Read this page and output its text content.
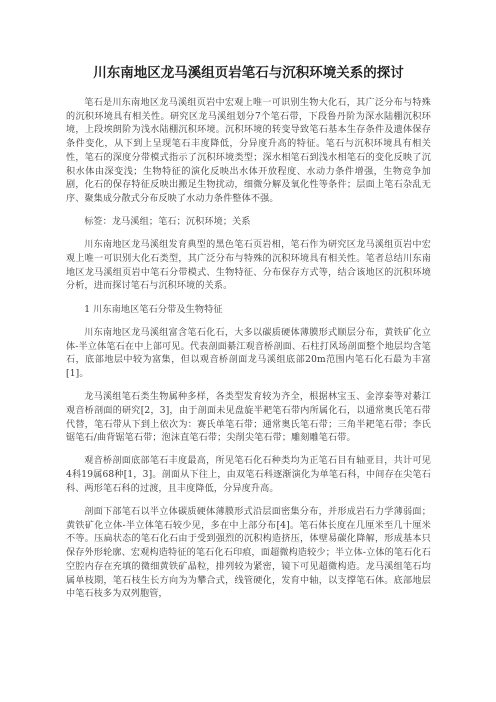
川东南地区龙马溪组页岩笔石与沉积环境关系的探讨

笔石是川东南地区龙马溪组页岩中宏观上唯一可识别生物大化石，其广泛分布与特殊的沉积环境具有相关性。研究区龙马溪组划分7个笔石带，下段鲁丹阶为深水陆棚沉积环境，上段埃朗阶为浅水陆棚沉积环境。沉积环境的转变导致笔石基本生存条件及遗体保存条件变化，从下到上呈现笔石丰度降低，分异度升高的特征。笔石与沉积环境具有相关性，笔石的深度分带模式指示了沉积环境类型；深水相笔石到浅水相笔石的变化反映了沉积水体由深变浅；生物特征的演化反映出水体开放程度、水动力条件增强，生物竞争加剧，化石的保存特征反映出搬足生物扰动，细微分解及氧化性等条件；层面上笔石杂乱无序、聚集成分散式分布反映了水动力条件整体不强。

标签：龙马溪组；笔石；沉积环境；关系

川东南地区龙马溪组发育典型的黑色笔石页岩相，笔石作为研究区龙马溪组页岩中宏观上唯一可识别大化石类型，其广泛分布与特殊的沉积环境具有相关性。笔者总结川东南地区龙马溪组页岩中笔石分带模式、生物特征、分布保存方式等，结合该地区的沉积环境分析，进而探讨笔石与沉积环境的关系。

1 川东南地区笔石分带及生物特征

川东南地区龙马溪组富含笔石化石，大多以碳质硬体薄膜形式顺层分布，黄铁矿化立体-半立体笔石在中上部可见。代表剖面綦江观音桥剖面、石柱打风场剖面整个地层均含笔石，底部地层中较为富集，但以观音桥剖面龙马溪组底部20m范围内笔石化石最为丰富[1]。

龙马溪组笔石类生物属种多样，各类型发育较为齐全，根据林宝玉、金淳泰等对綦江观音桥剖面的研究[2，3]，由于剖面未见盘旋半耙笔石带内所属化石，以通常奥氏笔石带代替，笔石带从下到上依次为：赛氏单笔石带；通常奥氏笔石带；三角半耙笔石带；李氏锯笔石/曲背锯笔石带；泡沫直笔石带；尖削尖笔石带；雕刻雕笔石带。

观音桥剖面底部笔石丰度最高，所见笔石化石种类均为正笔石目有轴亚目，共计可见4科19属68种[1，3]。剖面从下往上，由双笔石科逐渐演化为单笔石科，中间存在尖笔石科、两形笔石科的过渡，且丰度降低，分异度升高。

剖面下部笔石以半立体碳质硬体薄膜形式沿层面密集分布，并形成岩石力学薄弱面；黄铁矿化立体-半立体笔石较少见，多在中上部分布[4]。笔石体长度在几厘米至几十厘米不等。压扁状态的笔石化石由于受到强烈的沉积构造挤压，体壁易碳化降解，形成基本只保存外形轮廓、宏观构造特征的笔石化石印痕，面超微构造较少；半立体-立体的笔石化石空腔内存在充填的微细黄铁矿晶粒，排列较为紧密，镜下可见超微构造。龙马溪组笔石均属单枝期，笔石枝生长方向为为攀合式，线管硬化，发育中轴，以支撑笔石体。底部地层中笔石枝多为双列胞管，
